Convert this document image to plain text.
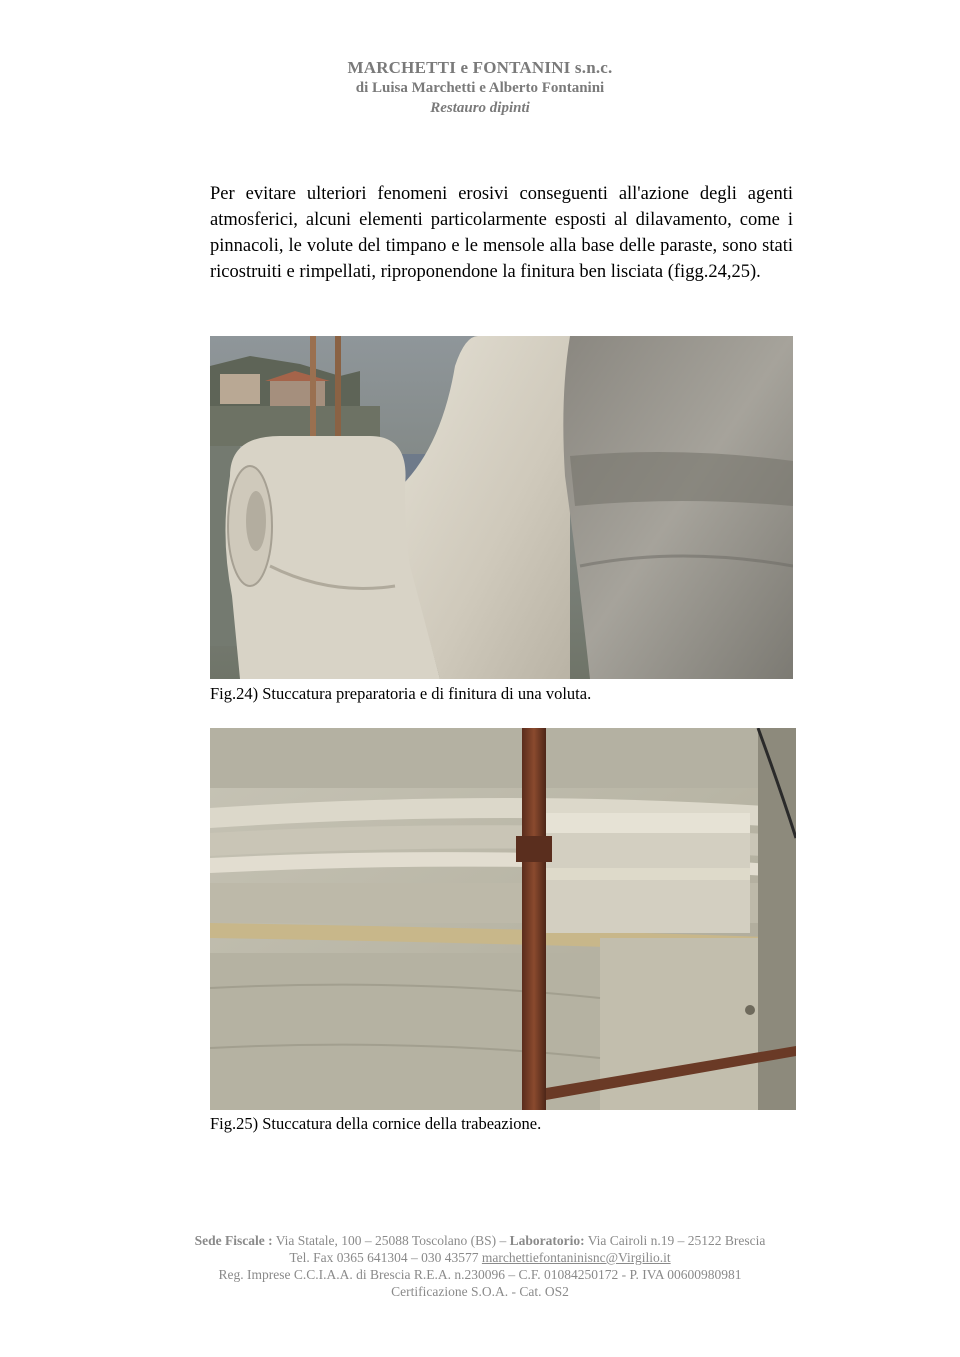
MARCHETTI e FONTANINI s.n.c.
di Luisa Marchetti e Alberto Fontanini
Restauro dipinti

Per evitare ulteriori fenomeni erosivi conseguenti all'azione degli agenti atmosferici, alcuni elementi particolarmente esposti al dilavamento, come i pinnacoli, le volute del timpano e le mensole alla base delle paraste, sono stati ricostruiti e rimpellati, riproponendone la finitura ben lisciata (figg.24,25).

Fig.24) Stuccatura preparatoria e di finitura di una voluta.
Fig.25) Stuccatura della cornice della trabeazione.
Sede Fiscale : Via Statale, 100 – 25088 Toscolano (BS) – Laboratorio: Via Cairoli n.19 – 25122 Brescia
Tel. Fax 0365 641304 – 030 43577 marchettiefontaninisnc@Virgilio.it
Reg. Imprese C.C.I.A.A. di Brescia R.E.A. n.230096 – C.F. 01084250172 - P. IVA 00600980981
Certificazione S.O.A. - Cat. OS2
